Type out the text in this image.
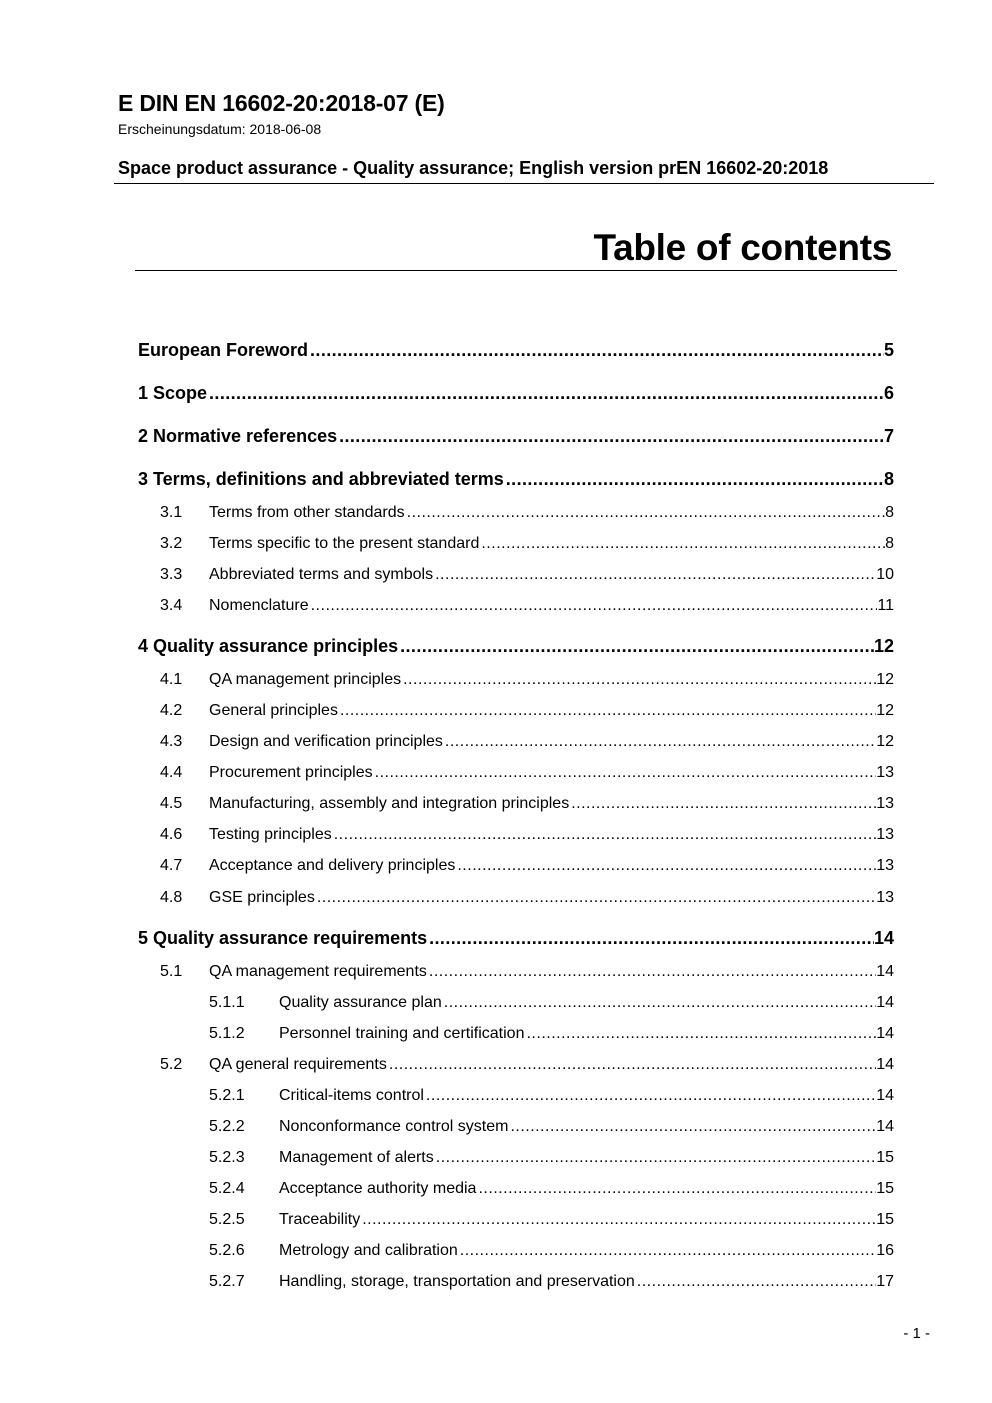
E DIN EN 16602-20:2018-07 (E)
Erscheinungsdatum: 2018-06-08
Space product assurance - Quality assurance; English version prEN 16602-20:2018
Table of contents
European Foreword .....	5
1 Scope .....	6
2 Normative references .....	7
3 Terms, definitions and abbreviated terms .....	8
3.1	Terms from other standards .....	8
3.2	Terms specific to the present standard .....	8
3.3	Abbreviated terms and symbols .....	10
3.4	Nomenclature .....	11
4 Quality assurance principles .....	12
4.1	QA management principles .....	12
4.2	General principles .....	12
4.3	Design and verification principles .....	12
4.4	Procurement principles .....	13
4.5	Manufacturing, assembly and integration principles .....	13
4.6	Testing principles .....	13
4.7	Acceptance and delivery principles .....	13
4.8	GSE principles .....	13
5 Quality assurance requirements .....	14
5.1	QA management requirements .....	14
5.1.1	Quality assurance plan .....	14
5.1.2	Personnel training and certification .....	14
5.2	QA general requirements .....	14
5.2.1	Critical-items control .....	14
5.2.2	Nonconformance control system .....	14
5.2.3	Management of alerts .....	15
5.2.4	Acceptance authority media .....	15
5.2.5	Traceability .....	15
5.2.6	Metrology and calibration .....	16
5.2.7	Handling, storage, transportation and preservation .....	17
- 1 -
